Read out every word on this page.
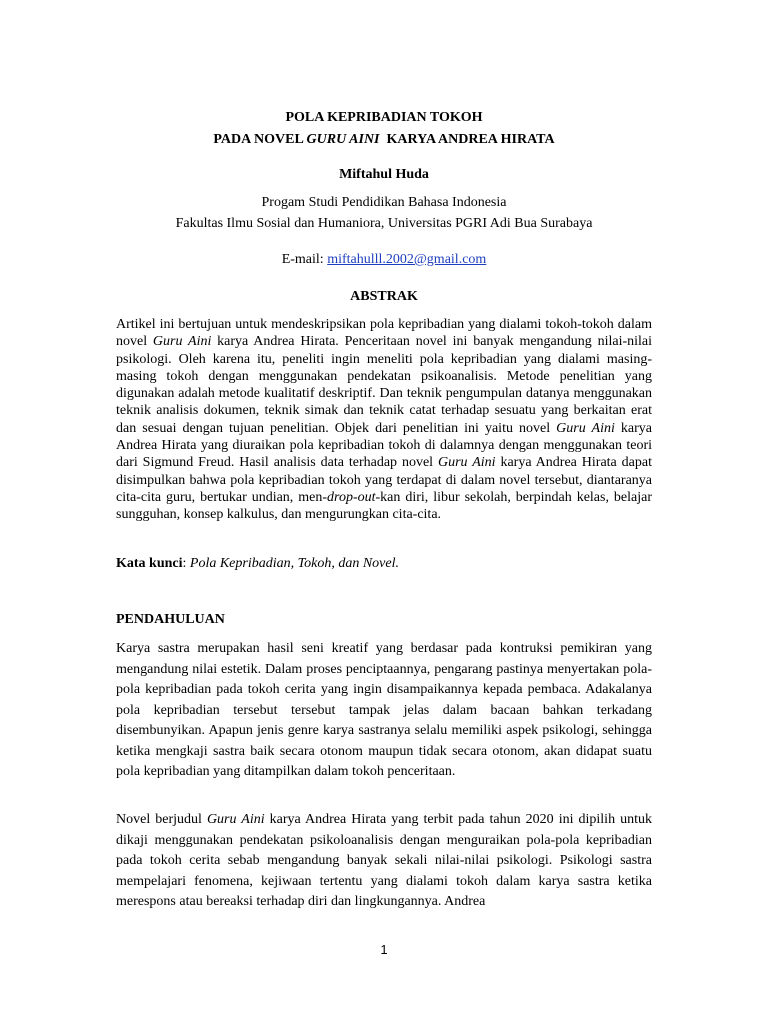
POLA KEPRIBADIAN TOKOH
PADA NOVEL GURU AINI  KARYA ANDREA HIRATA
Miftahul Huda
Progam Studi Pendidikan Bahasa Indonesia
Fakultas Ilmu Sosial dan Humaniora, Universitas PGRI Adi Bua Surabaya
E-mail: miftahulll.2002@gmail.com
ABSTRAK

Artikel ini bertujuan untuk mendeskripsikan pola kepribadian yang dialami tokoh-tokoh dalam novel Guru Aini karya Andrea Hirata. Penceritaan novel ini banyak mengandung nilai-nilai psikologi. Oleh karena itu, peneliti ingin meneliti pola kepribadian yang dialami masing-masing tokoh dengan menggunakan pendekatan psikoanalisis. Metode penelitian yang digunakan adalah metode kualitatif deskriptif. Dan teknik pengumpulan datanya menggunakan teknik analisis dokumen, teknik simak dan teknik catat terhadap sesuatu yang berkaitan erat dan sesuai dengan tujuan penelitian. Objek dari penelitian ini yaitu novel Guru Aini karya Andrea Hirata yang diuraikan pola kepribadian tokoh di dalamnya dengan menggunakan teori dari Sigmund Freud. Hasil analisis data terhadap novel Guru Aini karya Andrea Hirata dapat disimpulkan bahwa pola kepribadian tokoh yang terdapat di dalam novel tersebut, diantaranya cita-cita guru, bertukar undian, men-drop-out-kan diri, libur sekolah, berpindah kelas, belajar sungguhan, konsep kalkulus, dan mengurungkan cita-cita.

Kata kunci: Pola Kepribadian, Tokoh, dan Novel.
PENDAHULUAN

Karya sastra merupakan hasil seni kreatif yang berdasar pada kontruksi pemikiran yang mengandung nilai estetik. Dalam proses penciptaannya, pengarang pastinya menyertakan pola-pola kepribadian pada tokoh cerita yang ingin disampaikannya kepada pembaca. Adakalanya pola kepribadian tersebut tersebut tampak jelas dalam bacaan bahkan terkadang disembunyikan. Apapun jenis genre karya sastranya selalu memiliki aspek psikologi, sehingga ketika mengkaji sastra baik secara otonom maupun tidak secara otonom, akan didapat suatu pola kepribadian yang ditampilkan dalam tokoh penceritaan.

Novel berjudul Guru Aini karya Andrea Hirata yang terbit pada tahun 2020 ini dipilih untuk dikaji menggunakan pendekatan psikoloanalisis dengan menguraikan pola-pola kepribadian pada tokoh cerita sebab mengandung banyak sekali nilai-nilai psikologi. Psikologi sastra mempelajari fenomena, kejiwaan tertentu yang dialami tokoh dalam karya sastra ketika merespons atau bereaksi terhadap diri dan lingkungannya. Andrea

1
